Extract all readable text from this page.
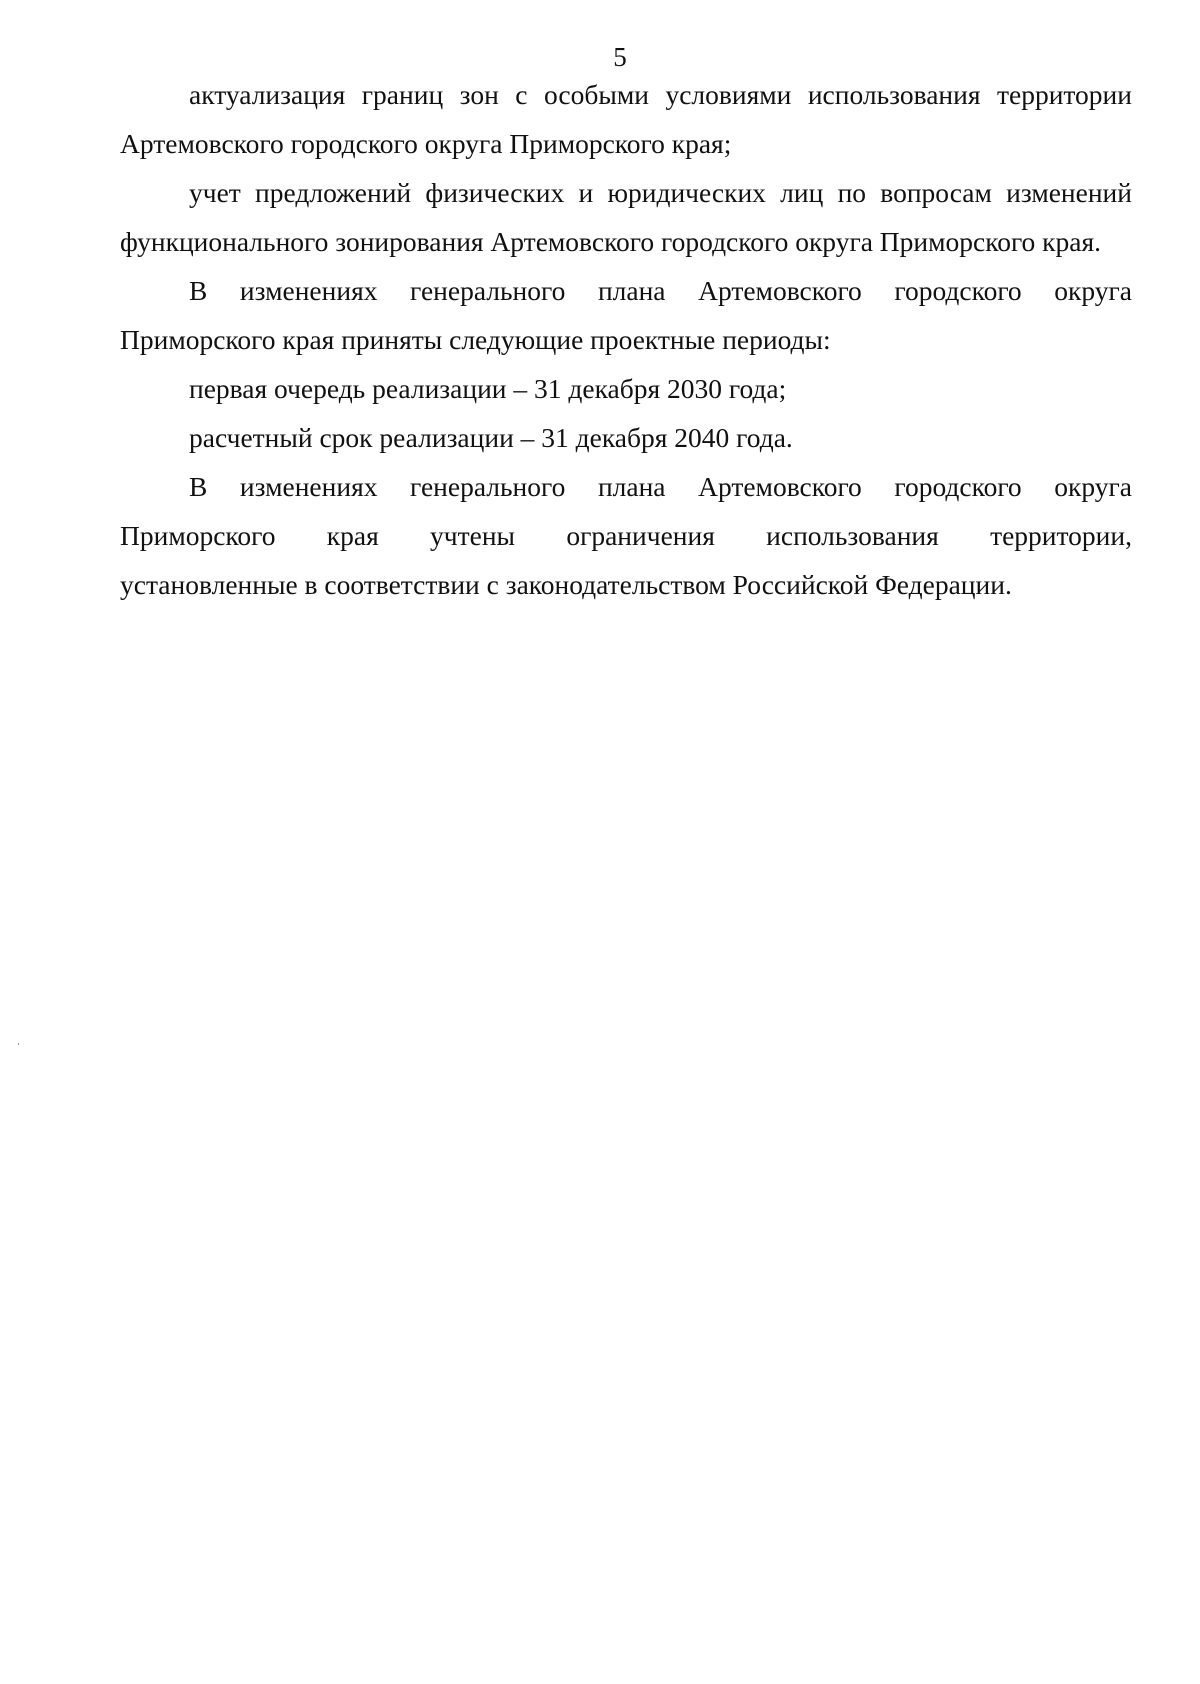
5

актуализация границ зон с особыми условиями использования территории Артемовского городского округа Приморского края;

учет предложений физических и юридических лиц по вопросам изменений функционального зонирования Артемовского городского округа Приморского края.

В изменениях генерального плана Артемовского городского округа Приморского края приняты следующие проектные периоды:

первая очередь реализации – 31 декабря 2030 года;

расчетный срок реализации – 31 декабря 2040 года.

В изменениях генерального плана Артемовского городского округа Приморского края учтены ограничения использования территории,

установленные в соответствии с законодательством Российской Федерации.
